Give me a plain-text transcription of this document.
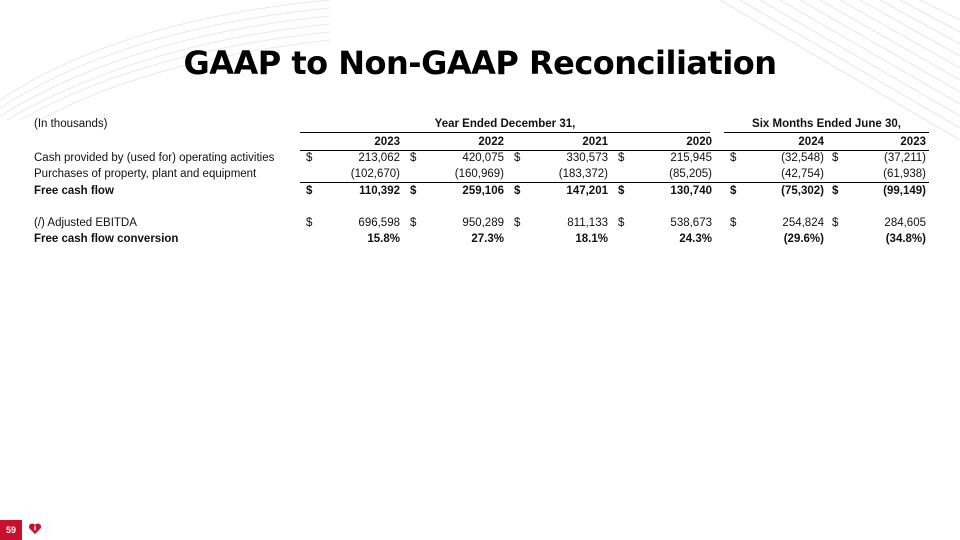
GAAP to Non-GAAP Reconciliation
(In thousands)	Year Ended December 31,	Six Months Ended June 30,
2023	2022	2021	2020	2024	2023
Cash provided by (used for) operating activities	$	213,062 $	420,075 $	330,573 $	215,945 $	(32,548) $	(37,211)
Purchases of property, plant and equipment	(102,670)	(160,969)	(183,372)	(85,205)	(42,754)	(61,938)
Free cash flow	$	110,392 $	259,106 $	147,201 $	130,740 $	(75,302) $	(99,149)
(/) Adjusted EBITDA	$	696,598 $	950,289 $	811,133 $	538,673 $	254,824 $	284,605
Free cash flow conversion	15.8%	27.3%	18.1%	24.3%	(29.6%)	(34.8%)
59
